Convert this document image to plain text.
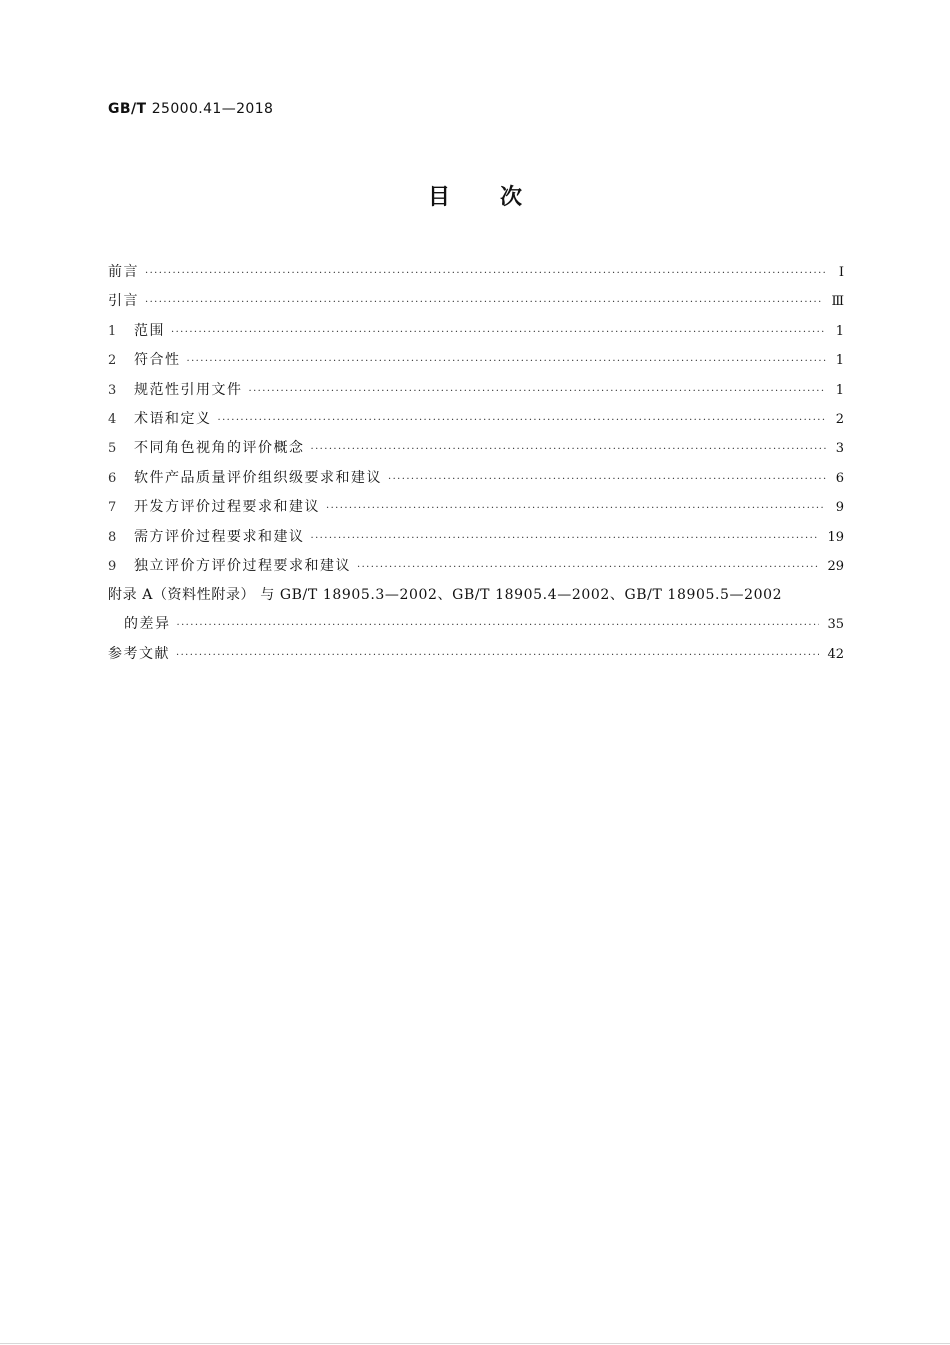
GB/T 25000.41—2018
目次
前言 ·····	Ⅰ
引言 ·····	Ⅲ
1	范围 ·····	1
2	符合性 ·····	1
3	规范性引用文件 ·····	1
4	术语和定义 ·····	2
5	不同角色视角的评价概念 ·····	3
6	软件产品质量评价组织级要求和建议 ·····	6
7	开发方评价过程要求和建议 ·····	9
8	需方评价过程要求和建议 ·····	19
9	独立评价方评价过程要求和建议 ·····	29
附录 A（资料性附录） 与 GB/T 18905.3—2002、GB/T 18905.4—2002、GB/T 18905.5—2002
的差异 ·····	35
参考文献 ·····	42
